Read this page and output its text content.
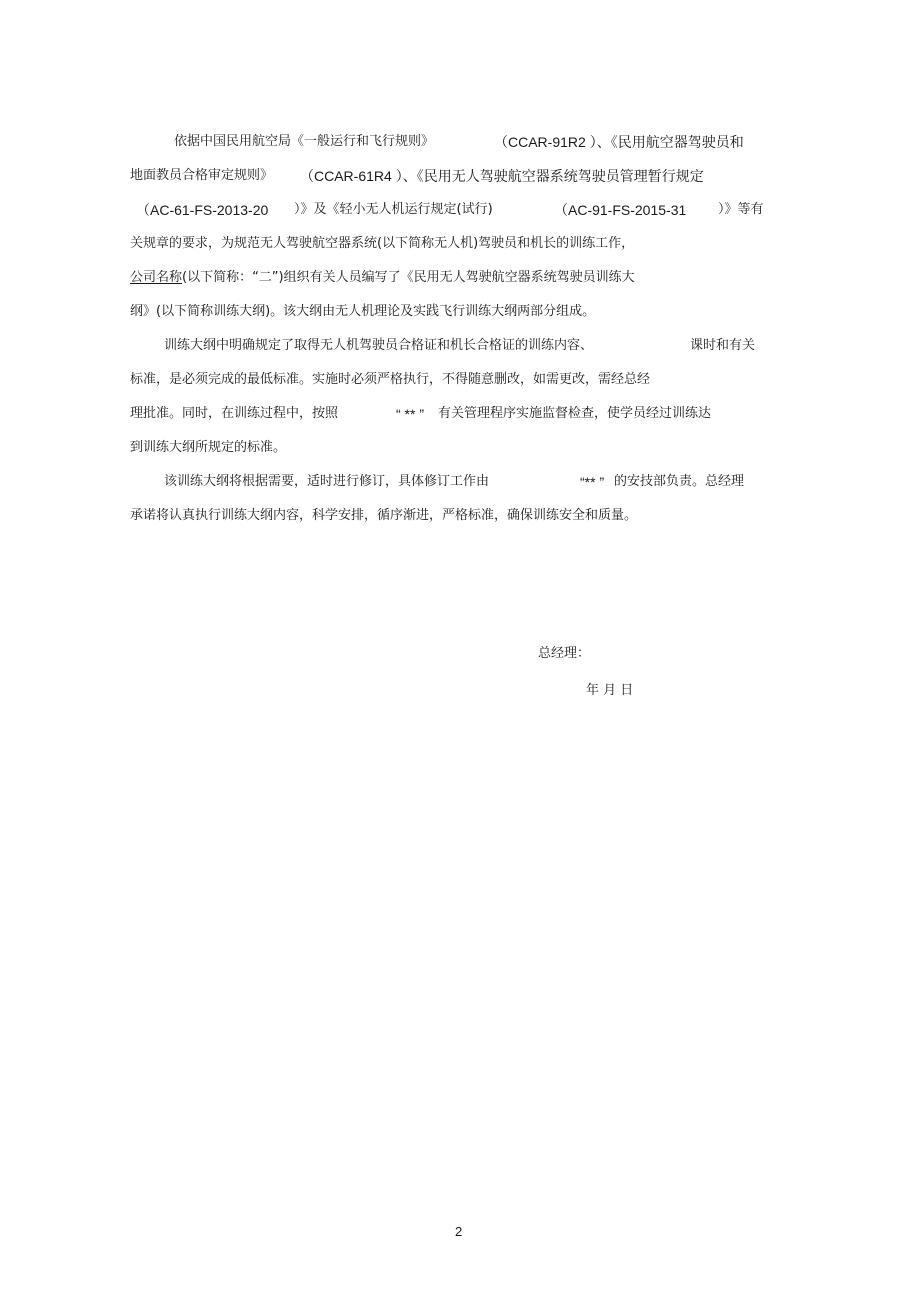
依据中国民用航空局《一般运行和飞行规则》	（CCAR-91R2 ）、《民用航空器驾驶员和
地面教员合格审定规则》 （CCAR-61R4 ）、《民用无人驾驶航空器系统驾驶员管理暂行规定
（AC-61-FS-2013-20 ）》及《轻小无人机运行规定(试行)	（AC-91-FS-2015-31 ）》等有
关规章的要求，为规范无人驾驶航空器系统(以下简称无人机)驾驶员和机长的训练工作，
公司名称 (以下简称：“二”)组织有关人员编写了《民用无人驾驶航空器系统驾驶员训练大
纲》(以下简称训练大纲)。该大纲由无人机理论及实践飞行训练大纲两部分组成。
训练大纲中明确规定了取得无人机驾驶员合格证和机长合格证的训练内容、	课时和有关
标准，是必须完成的最低标准。实施时必须严格执行，不得随意删改，如需更改，需经总经
理批准。同时，在训练过程中，按照	“ ** ” 有关管理程序实施监督检查，使学员经过训练达
到训练大纲所规定的标准。
该训练大纲将根据需要，适时进行修订，具体修订工作由	“** ” 的安技部负责。总经理
承诺将认真执行训练大纲内容，科学安排，循序渐进，严格标准，确保训练安全和质量。
总经理：
年 月 日
2
